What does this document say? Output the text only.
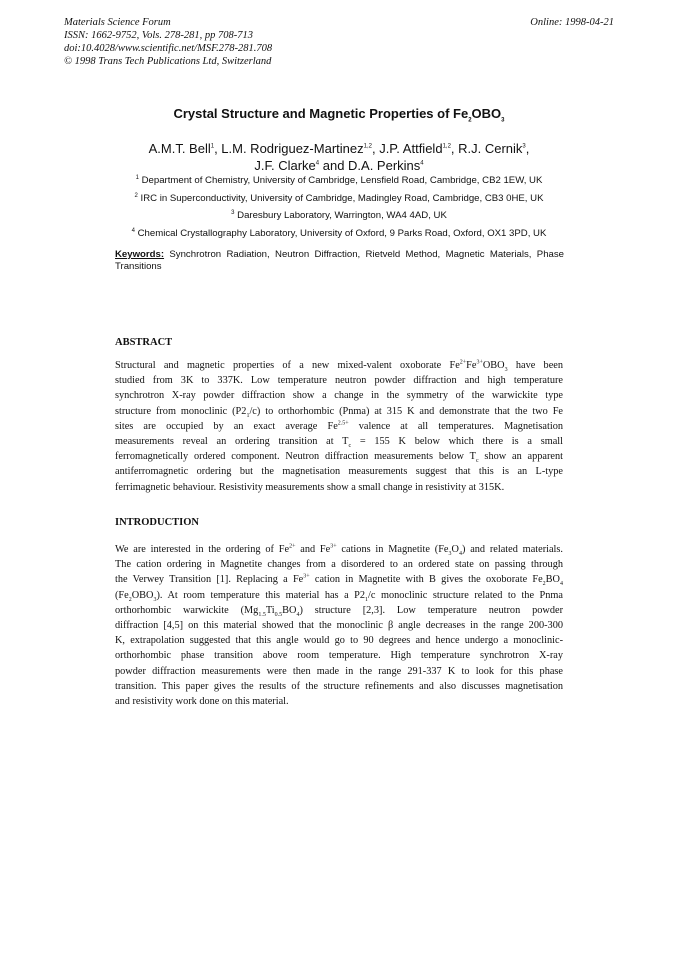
Materials Science Forum
ISSN: 1662-9752, Vols. 278-281, pp 708-713
doi:10.4028/www.scientific.net/MSF.278-281.708
© 1998 Trans Tech Publications Ltd, Switzerland
Online: 1998-04-21
Crystal Structure and Magnetic Properties of $Fe_2OBO_3$
A.M.T. Bell$^1$, L.M. Rodriguez-Martinez$^{1,2}$, J.P. Attfield$^{1,2}$, R.J. Cernik$^3$,
J.F. Clarke$^4$ and D.A. Perkins$^4$
$^1$ Department of Chemistry, University of Cambridge, Lensfield Road, Cambridge, CB2 1EW, UK
$^2$ IRC in Superconductivity, University of Cambridge, Madingley Road, Cambridge, CB3 0HE, UK
$^3$ Daresbury Laboratory, Warrington, WA4 4AD, UK
$^4$ Chemical Crystallography Laboratory, University of Oxford, 9 Parks Road, Oxford, OX1 3PD, UK
Keywords: Synchrotron Radiation, Neutron Diffraction, Rietveld Method, Magnetic Materials, Phase Transitions
ABSTRACT
Structural and magnetic properties of a new mixed-valent oxoborate $Fe^{2+}Fe^{3+}OBO_3$ have been
studied from 3K to 337K. Low temperature neutron powder diffraction and high temperature
synchrotron X-ray powder diffraction show a change in the symmetry of the warwickite type
structure from monoclinic $(P2_1/c)$ to orthorhombic (Pnma) at 315 K and demonstrate that the two Fe
sites are occupied by an exact average $Fe^{2.5+}$ valence at all temperatures. Magnetisation
measurements reveal an ordering transition at $T_c = 155$ K below which there is a small
ferromagnetically ordered component. Neutron diffraction measurements below $T_c$ show an apparent
antiferromagnetic ordering but the magnetisation measurements suggest that this is an L-type
ferrimagnetic behaviour. Resistivity measurements show a small change in resistivity at 315K.
INTRODUCTION
We are interested in the ordering of $Fe^{2+}$ and $Fe^{3+}$ cations in Magnetite $(Fe_3O_4)$ and related materials.
The cation ordering in Magnetite changes from a disordered to an ordered state on passing through
the Verwey Transition [1]. Replacing a $Fe^{3+}$ cation in Magnetite with B gives the oxoborate $Fe_2BO_4$
$(Fe_2OBO_3)$. At room temperature this material has a $P2_1/c$ monoclinic structure related to the Pnma
orthorhombic warwickite $(Mg_{1.5}Ti_{0.5}BO_4)$ structure [2,3]. Low temperature neutron powder
diffraction [4,5] on this material showed that the monoclinic β angle decreases in the range 200-300
K, extrapolation suggested that this angle would go to 90 degrees and hence undergo a monoclinic-
orthorhombic phase transition above room temperature. High temperature synchrotron X-ray
powder diffraction measurements were then made in the range 291-337 K to look for this phase
transition. This paper gives the results of the structure refinements and also discusses magnetisation
and resistivity work done on this material.
